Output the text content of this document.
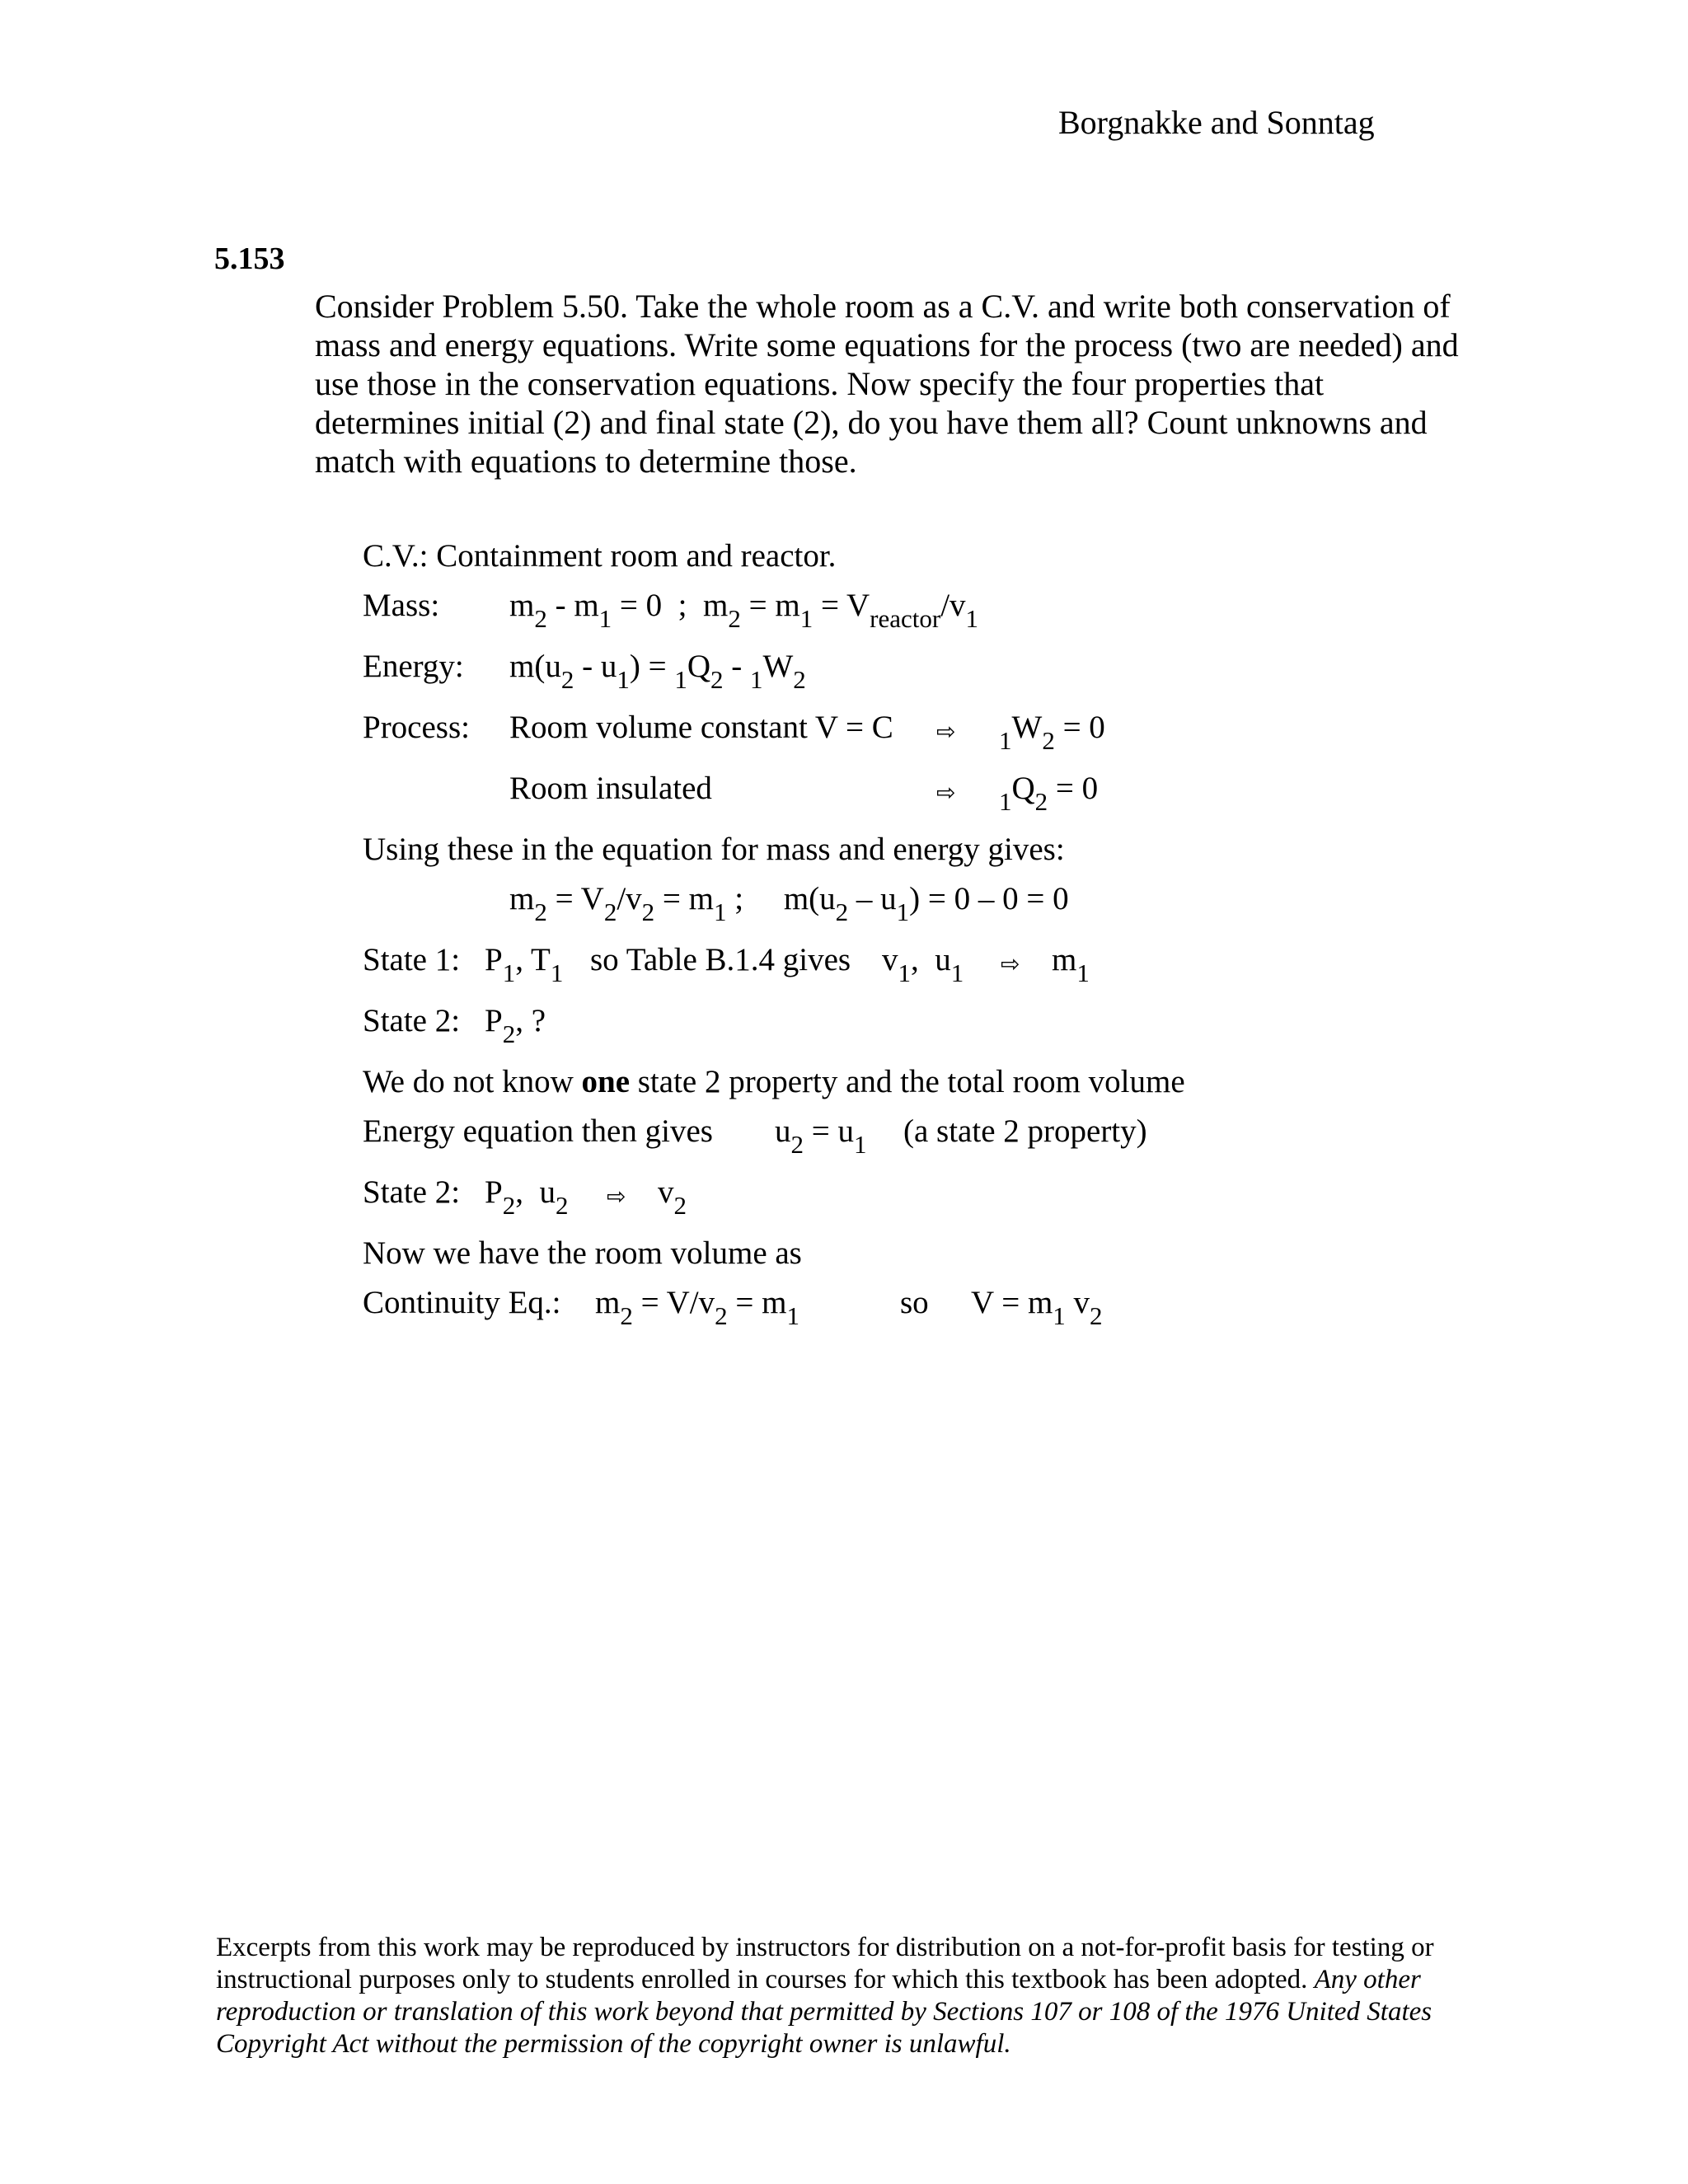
Borgnakke and Sonntag
5.153
Consider Problem 5.50. Take the whole room as a C.V. and write both conservation of
mass and energy equations. Write some equations for the process (two are needed) and
use those in the conservation equations. Now specify the four properties that
determines initial (2) and final state (2), do you have them all? Count unknowns and
match with equations to determine those.
C.V.: Containment room and reactor.
Mass: $m_2 - m_1 = 0$  ;  $m_2 = m_1 = V_{reactor}/v_1$
Energy: $m(u_2 - u_1) = _1Q_2 - _1W_2$
Process: Room volume constant V = C ⇨ $_1W_2 = 0$
Room insulated	⇨ $_1Q_2 = 0$
Using these in the equation for mass and energy gives:
$m_2 = V_2/v_2 = m_1$ ;     $m(u_2 - u_1) = 0 - 0 = 0$
State 1: $P_1$, $T_1$ so Table B.1.4 gives $v_1$,  $u_1$ ⇨ $m_1$
State 2: $P_2$, ?
We do not know one state 2 property and the total room volume
Energy equation then gives $u_2 = u_1$ (a state 2 property)
State 2: $P_2$,  $u_2$ ⇨ $v_2$
Now we have the room volume as
Continuity Eq.: $m_2 = V/v_2 = m_1$	so $V = m_1$ $v_2$
Excerpts from this work may be reproduced by instructors for distribution on a not-for-profit basis for testing or instructional purposes only to students enrolled in courses for which this textbook has been adopted. Any other reproduction or translation of this work beyond that permitted by Sections 107 or 108 of the 1976 United States Copyright Act without the permission of the copyright owner is unlawful.
